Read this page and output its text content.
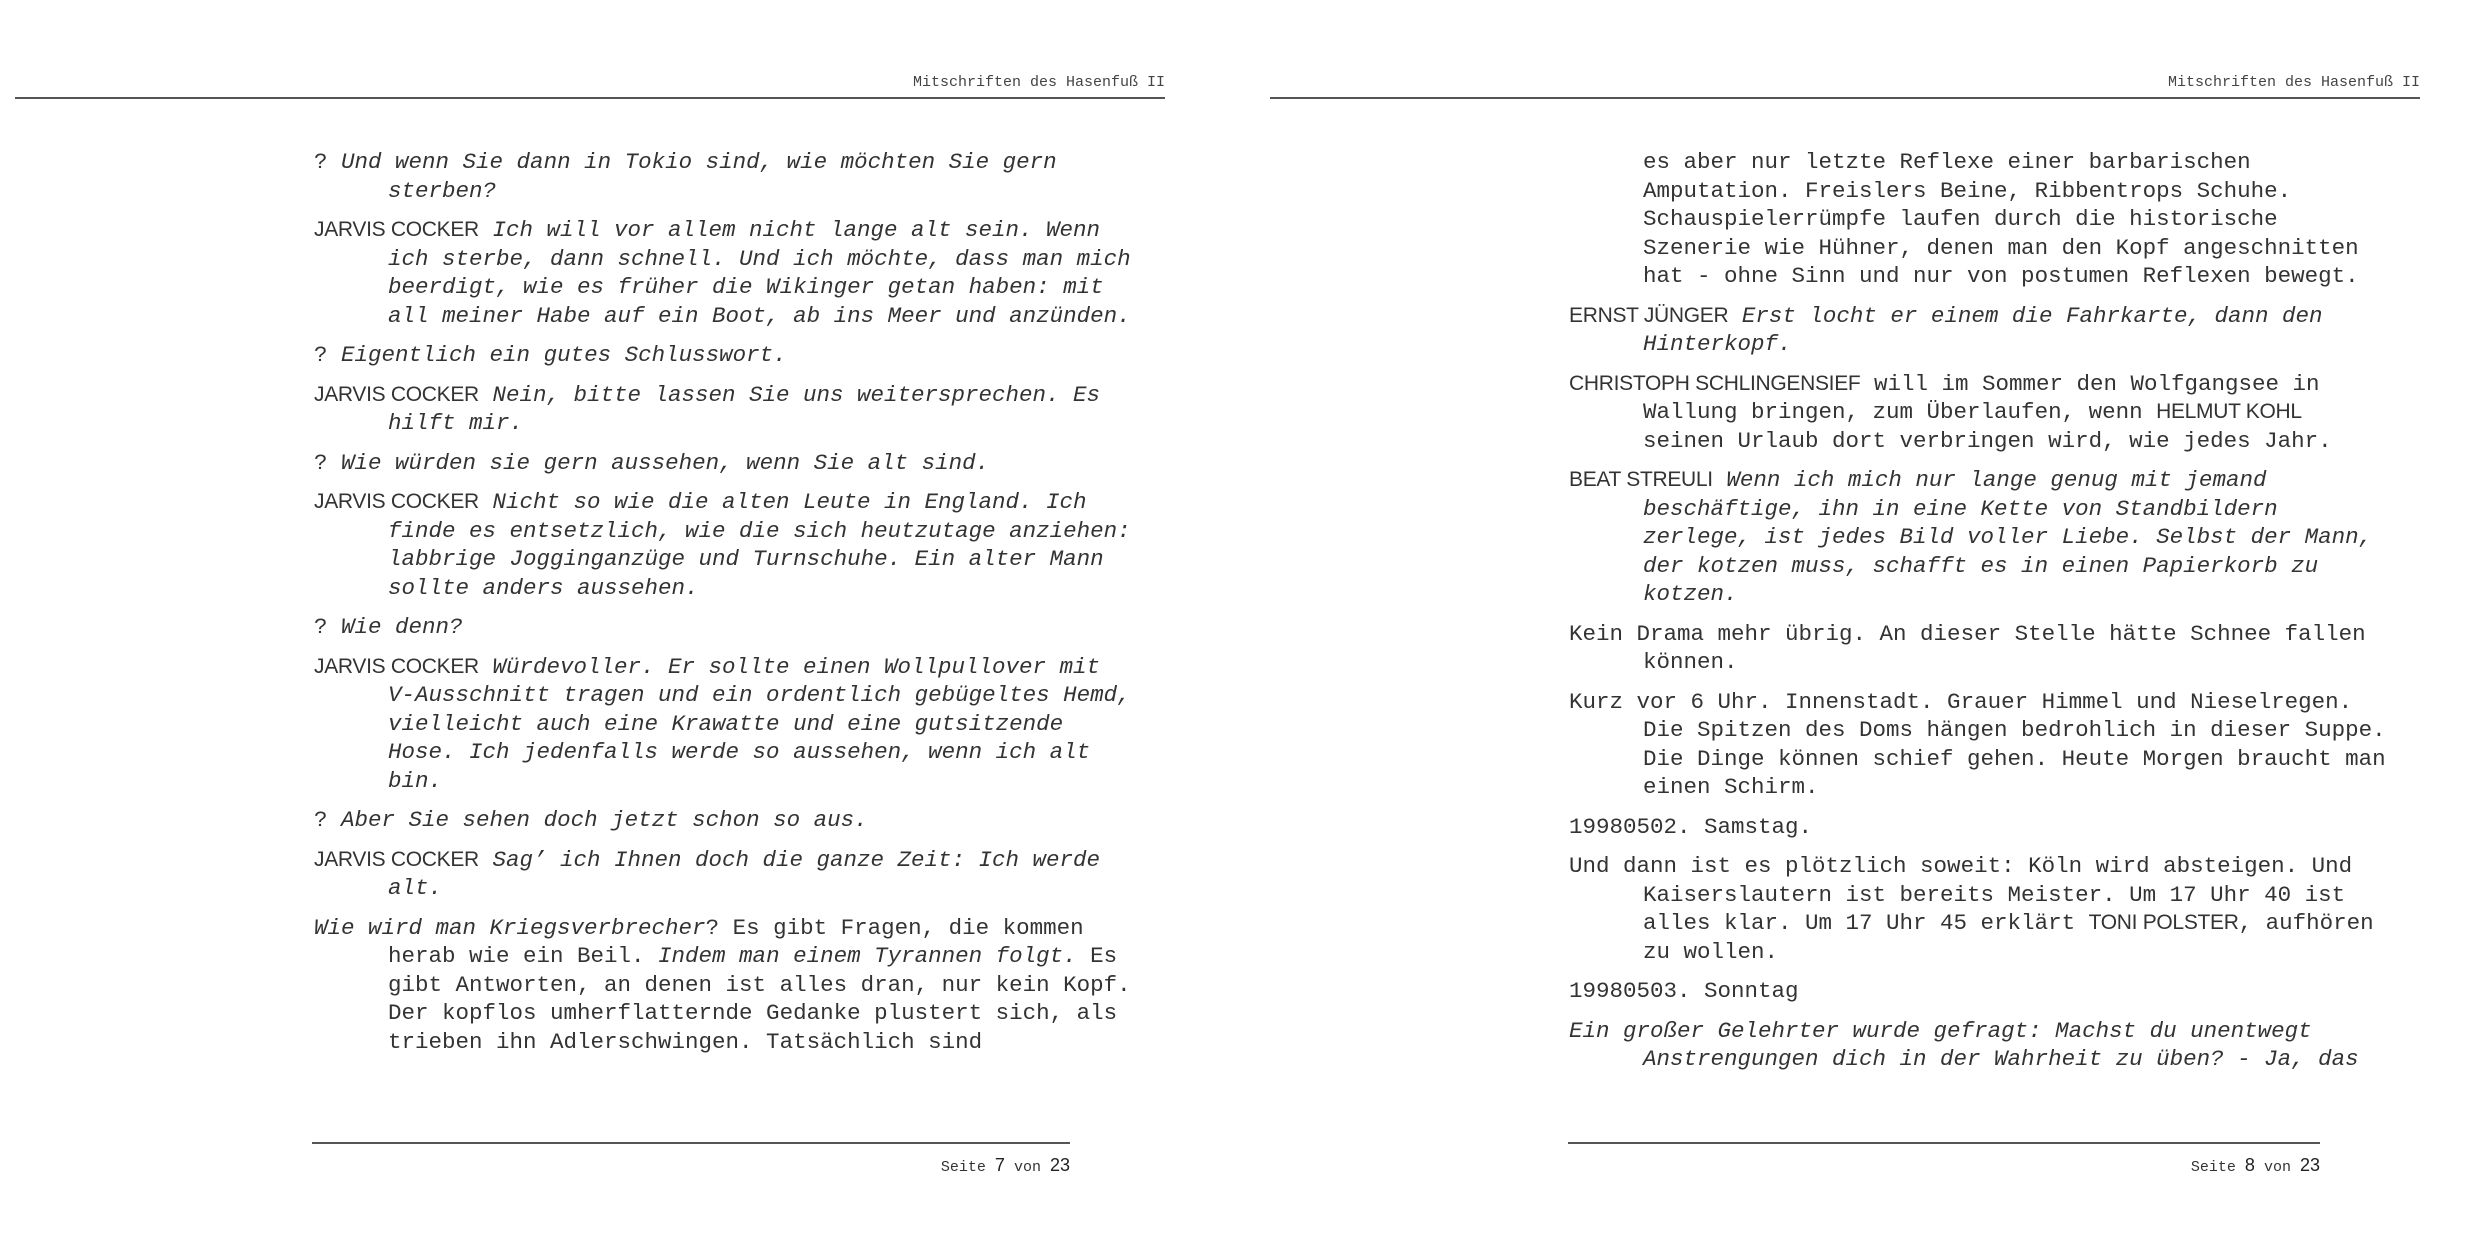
Mitschriften des Hasenfuß II

? Und wenn Sie dann in Tokio sind, wie möchten Sie gern sterben?

JARVIS COCKER Ich will vor allem nicht lange alt sein. Wenn ich sterbe, dann schnell. Und ich möchte, dass man mich beerdigt, wie es früher die Wikinger getan haben: mit all meiner Habe auf ein Boot, ab ins Meer und anzünden.

? Eigentlich ein gutes Schlusswort.

JARVIS COCKER Nein, bitte lassen Sie uns weitersprechen. Es hilft mir.

? Wie würden sie gern aussehen, wenn Sie alt sind.

JARVIS COCKER Nicht so wie die alten Leute in England. Ich finde es entsetzlich, wie die sich heutzutage anziehen: labbrige Jogginganzüge und Turnschuhe. Ein alter Mann sollte anders aussehen.

? Wie denn?

JARVIS COCKER Würdevoller. Er sollte einen Wollpullover mit V-Ausschnitt tragen und ein ordentlich gebügeltes Hemd, vielleicht auch eine Krawatte und eine gutsitzende Hose. Ich jedenfalls werde so aussehen, wenn ich alt bin.

? Aber Sie sehen doch jetzt schon so aus.

JARVIS COCKER Sag’ ich Ihnen doch die ganze Zeit: Ich werde alt.

Wie wird man Kriegsverbrecher? Es gibt Fragen, die kommen herab wie ein Beil. Indem man einem Tyrannen folgt. Es gibt Antworten, an denen ist alles dran, nur kein Kopf. Der kopflos umherflatternde Gedanke plustert sich, als trieben ihn Adlerschwingen. Tatsächlich sind

Seite 7 von 23
Mitschriften des Hasenfuß II

es aber nur letzte Reflexe einer barbarischen Amputation. Freislers Beine, Ribbentrops Schuhe. Schauspielerrümpfe laufen durch die historische Szenerie wie Hühner, denen man den Kopf angeschnitten hat - ohne Sinn und nur von postumen Reflexen bewegt.

ERNST JÜNGER Erst locht er einem die Fahrkarte, dann den Hinterkopf.

CHRISTOPH SCHLINGENSIEF will im Sommer den Wolfgangsee in Wallung bringen, zum Überlaufen, wenn HELMUT KOHL seinen Urlaub dort verbringen wird, wie jedes Jahr.

BEAT STREULI Wenn ich mich nur lange genug mit jemand beschäftige, ihn in eine Kette von Standbildern zerlege, ist jedes Bild voller Liebe. Selbst der Mann, der kotzen muss, schafft es in einen Papierkorb zu kotzen.

Kein Drama mehr übrig. An dieser Stelle hätte Schnee fallen können.

Kurz vor 6 Uhr. Innenstadt. Grauer Himmel und Nieselregen. Die Spitzen des Doms hängen bedrohlich in dieser Suppe. Die Dinge können schief gehen. Heute Morgen braucht man einen Schirm.

19980502. Samstag.

Und dann ist es plötzlich soweit: Köln wird absteigen. Und Kaiserslautern ist bereits Meister. Um 17 Uhr 40 ist alles klar. Um 17 Uhr 45 erklärt TONI POLSTER, aufhören zu wollen.

19980503. Sonntag

Ein großer Gelehrter wurde gefragt: Machst du unentwegt Anstrengungen dich in der Wahrheit zu üben? - Ja, das

Seite 8 von 23
